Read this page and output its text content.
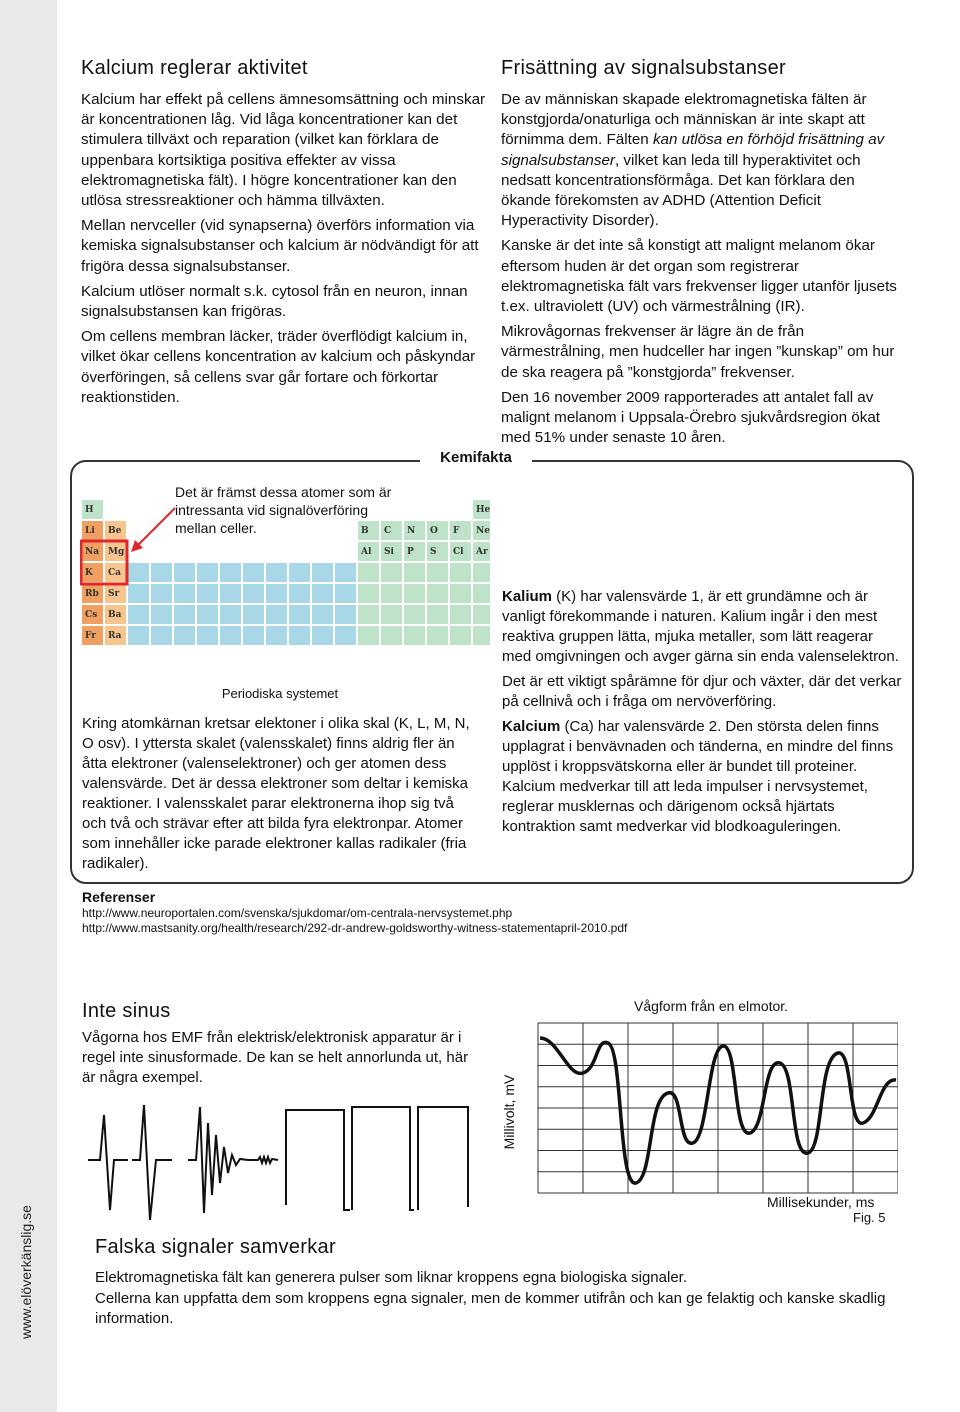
www.elöverkänslig.se
Kalcium reglerar aktivitet

Kalcium har effekt på cellens ämnesomsättning och minskar är koncentrationen låg. Vid låga koncentrationer kan det stimulera tillväxt och reparation (vilket kan förklara de uppenbara kortsiktiga positiva effekter av vissa elektromagnetiska fält). I högre koncentrationer kan den utlösa stressreaktioner och hämma tillväxten.

Mellan nervceller (vid synapserna) överförs information via kemiska signalsubstanser och kalcium är nödvändigt för att frigöra dessa signalsubstanser.

Kalcium utlöser normalt s.k. cytosol från en neuron, innan signalsubstansen kan frigöras.

Om cellens membran läcker, träder överflödigt kalcium in, vilket ökar cellens koncentration av kalcium och påskyndar överföringen, så cellens svar går fortare och förkortar reaktionstiden.

Frisättning av signalsubstanser

De av människan skapade elektromagnetiska fälten är konstgjorda/onaturliga och människan är inte skapt att förnimma dem. Fälten kan utlösa en förhöjd frisättning av signalsubstanser, vilket kan leda till hyperaktivitet och nedsatt koncentrationsförmåga. Det kan förklara den ökande förekomsten av ADHD (Attention Deficit Hyperactivity Disorder).

Kanske är det inte så konstigt att malignt melanom ökar eftersom huden är det organ som registrerar elektromagnetiska fält vars frekvenser ligger utanför ljusets t.ex. ultraviolett (UV) och värmestrålning (IR).

Mikrovågornas frekvenser är lägre än de från värmestrålning, men hudceller har ingen ”kunskap” om hur de ska reagera på ”konstgjorda” frekvenser.

Den 16 november 2009 rapporterades att antalet fall av malignt melanom i Uppsala-Örebro sjukvårdsregion ökat med 51% under senaste 10 åren.

Kemifakta
H	He
Li Be	B C N O F Ne
Na Mg	Al Si P S Cl Ar
K Ca
Rb Sr
Cs Ba
Fr Ra
Det är främst dessa atomer som är intressanta vid signalöverföring mellan celler.
Periodiska systemet
Kring atomkärnan kretsar elektoner i olika skal (K, L, M, N, O osv). I yttersta skalet (valensskalet) finns aldrig fler än åtta elektroner (valenselektroner) och ger atomen dess valensvärde. Det är dessa elektroner som deltar i kemiska reaktioner. I valensskalet parar elektronerna ihop sig två och två och strävar efter att bilda fyra elektronpar. Atomer som innehåller icke parade elektroner kallas radikaler (fria radikaler).

Kalium (K) har valensvärde 1, är ett grundämne och är vanligt förekommande i naturen. Kalium ingår i den mest reaktiva gruppen lätta, mjuka metaller, som lätt reagerar med omgivningen och avger gärna sin enda valenselektron.

Det är ett viktigt spårämne för djur och växter, där det verkar på cellnivå och i fråga om nervöverföring.

Kalcium (Ca) har valensvärde 2. Den största delen finns upplagrat i benvävnaden och tänderna, en mindre del finns upplöst i kroppsvätskorna eller är bundet till proteiner. Kalcium medverkar till att leda impulser i nervsystemet, reglerar musklernas och därigenom också hjärtats kontraktion samt medverkar vid blodkoaguleringen.

Referenser
http://www.neuroportalen.com/svenska/sjukdomar/om-centrala-nervsystemet.php
http://www.mastsanity.org/health/research/292-dr-andrew-goldsworthy-witness-statementapril-2010.pdf
Inte sinus
Vågorna hos EMF från elektrisk/elektronisk apparatur är i regel inte sinusformade. De kan se helt annorlunda ut, här är några exempel.
Vågform från en elmotor.
Millivolt, mV
Millisekunder, ms
Fig. 5
Falska signaler samverkar
Elektromagnetiska fält kan generera pulser som liknar kroppens egna biologiska signaler.
Cellerna kan uppfatta dem som kroppens egna signaler, men de kommer utifrån och kan ge felaktig och kanske skadlig information.
